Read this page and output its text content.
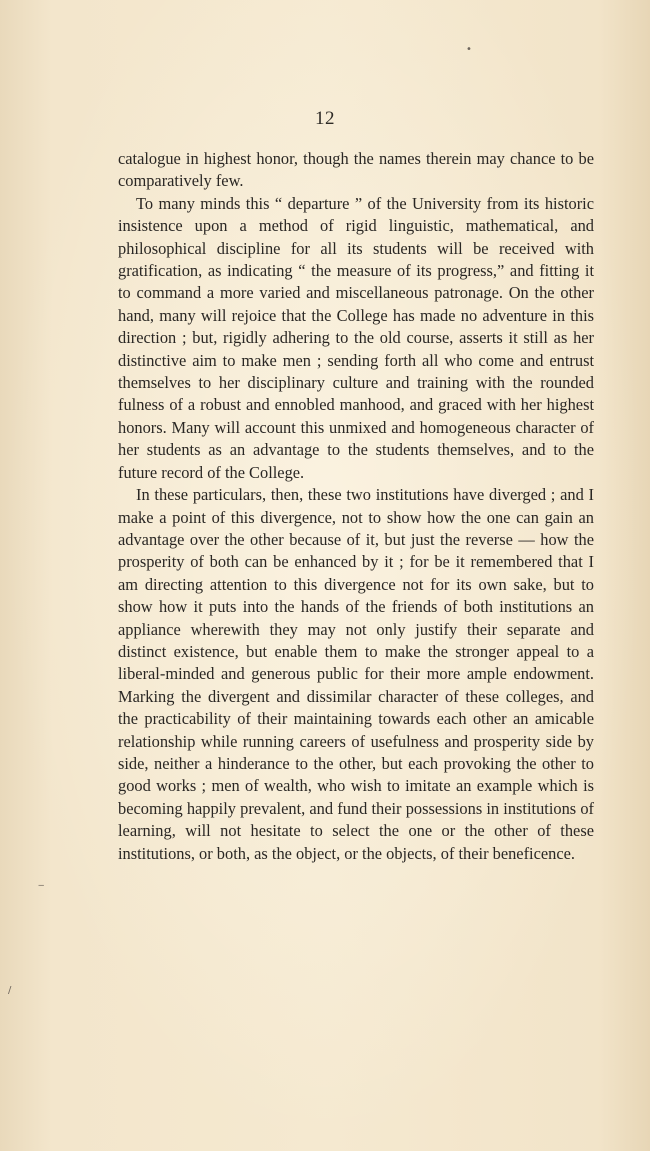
12

catalogue in highest honor, though the names therein may chance to be comparatively few.

To many minds this “ departure ” of the University from its historic insistence upon a method of rigid linguistic, mathematical, and philosophical discipline for all its students will be received with gratification, as indicating “ the measure of its progress,” and fitting it to command a more varied and miscellaneous patronage. On the other hand, many will rejoice that the College has made no adventure in this direction ; but, rigidly adhering to the old course, asserts it still as her distinctive aim to make men ; sending forth all who come and entrust themselves to her disciplinary culture and training with the rounded fulness of a robust and ennobled manhood, and graced with her highest honors. Many will account this unmixed and homogeneous character of her students as an advantage to the students themselves, and to the future record of the College.

In these particulars, then, these two institutions have diverged ; and I make a point of this divergence, not to show how the one can gain an advantage over the other because of it, but just the reverse — how the prosperity of both can be enhanced by it ; for be it remembered that I am directing attention to this divergence not for its own sake, but to show how it puts into the hands of the friends of both institutions an appliance wherewith they may not only justify their separate and distinct existence, but enable them to make the stronger appeal to a liberal-minded and generous public for their more ample endowment. Marking the divergent and dissimilar character of these colleges, and the practicability of their maintaining towards each other an amicable relationship while running careers of usefulness and prosperity side by side, neither a hinderance to the other, but each provoking the other to good works ; men of wealth, who wish to imitate an example which is becoming happily prevalent, and fund their possessions in institutions of learning, will not hesitate to select the one or the other of these institutions, or both, as the object, or the objects, of their beneficence.

•
‒
/
